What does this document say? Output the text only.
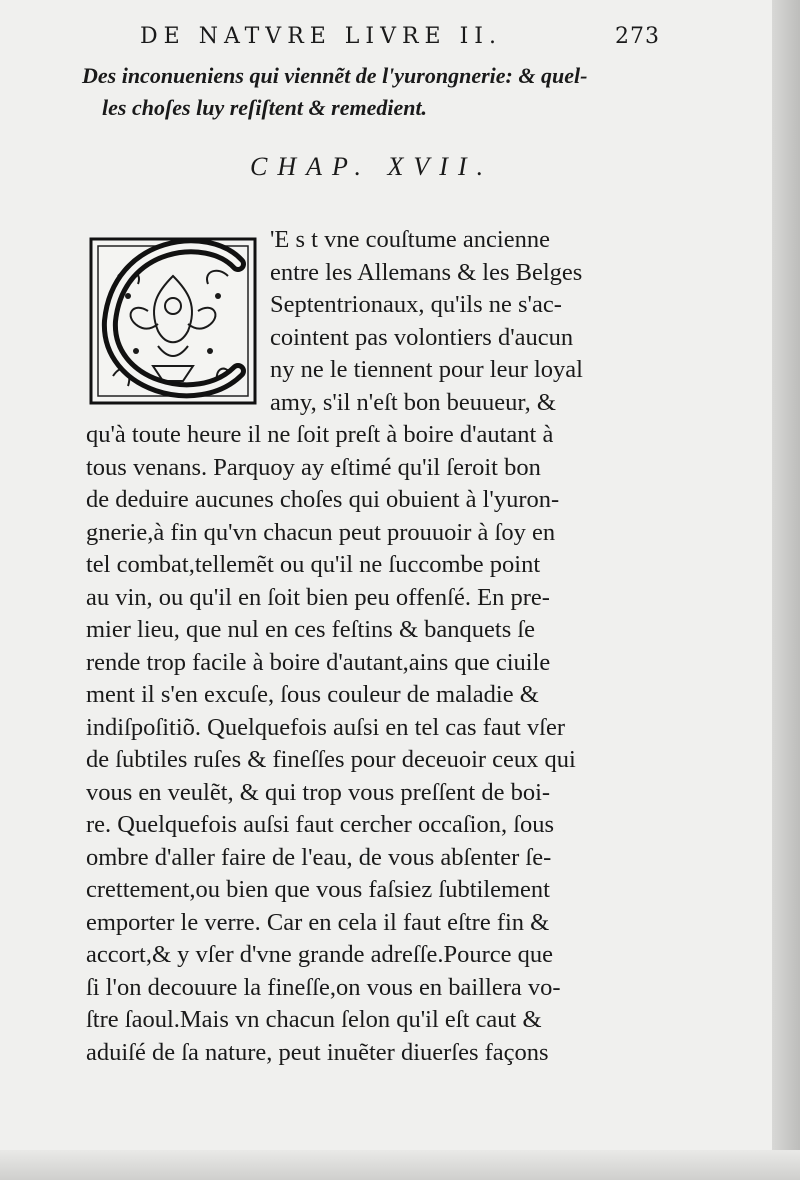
DE NATVRE LIVRE II.	273
Des inconueniens qui viennẽt de l'yurongnerie: & quel-
les choſes luy reſiſtent & remedient.
CHAP. XVII.
C	'E s t vne couſtume ancienne
entre les Allemans & les Belges
Septentrionaux, qu'ils ne s'ac-
cointent pas volontiers d'aucun
ny ne le tiennent pour leur loyal
amy, s'il n'eſt bon beuueur, &
qu'à toute heure il ne ſoit preſt à boire d'autant à
tous venans. Parquoy ay eſtimé qu'il ſeroit bon
de deduire aucunes choſes qui obuient à l'yuron-
gnerie,à fin qu'vn chacun peut prouuoir à ſoy en
tel combat,tellemẽt ou qu'il ne ſuccombe point
au vin, ou qu'il en ſoit bien peu offenſé. En pre-
mier lieu, que nul en ces feſtins & banquets ſe
rende trop facile à boire d'autant,ains que ciuile
ment il s'en excuſe, ſous couleur de maladie &
indiſpoſitiõ. Quelquefois auſsi en tel cas faut vſer
de ſubtiles ruſes & fineſſes pour deceuoir ceux qui
vous en veulẽt, & qui trop vous preſſent de boi-
re. Quelquefois auſsi faut cercher occaſion, ſous
ombre d'aller faire de l'eau, de vous abſenter ſe-
crettement,ou bien que vous faſsiez ſubtilement
emporter le verre. Car en cela il faut eſtre fin &
accort,& y vſer d'vne grande adreſſe.Pource que
ſi l'on decouure la fineſſe,on vous en baillera vo-
ſtre ſaoul.Mais vn chacun ſelon qu'il eſt caut &
aduiſé de ſa nature, peut inuẽter diuerſes façons
